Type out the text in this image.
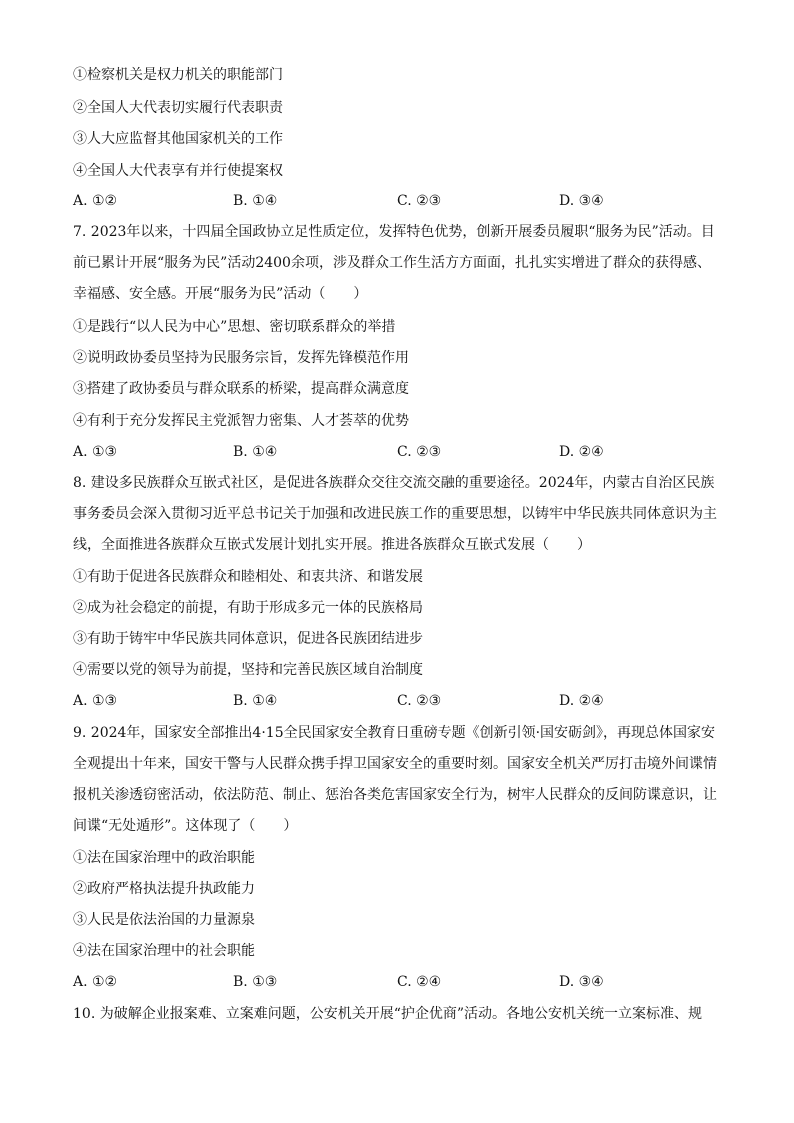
①检察机关是权力机关的职能部门
②全国人大代表切实履行代表职责
③人大应监督其他国家机关的工作
④全国人大代表享有并行使提案权
A. ①②	B. ①④	C. ②③	D. ③④
7. 2023年以来，十四届全国政协立足性质定位，发挥特色优势，创新开展委员履职“服务为民”活动。目前已累计开展“服务为民”活动2400余项，涉及群众工作生活方方面面，扎扎实实增进了群众的获得感、幸福感、安全感。开展“服务为民”活动（　　）
①是践行“以人民为中心”思想、密切联系群众的举措
②说明政协委员坚持为民服务宗旨，发挥先锋模范作用
③搭建了政协委员与群众联系的桥梁，提高群众满意度
④有利于充分发挥民主党派智力密集、人才荟萃的优势
A. ①③	B. ①④	C. ②③	D. ②④
8. 建设多民族群众互嵌式社区，是促进各族群众交往交流交融的重要途径。2024年，内蒙古自治区民族事务委员会深入贯彻习近平总书记关于加强和改进民族工作的重要思想，以铸牢中华民族共同体意识为主线，全面推进各族群众互嵌式发展计划扎实开展。推进各族群众互嵌式发展（　　）
①有助于促进各民族群众和睦相处、和衷共济、和谐发展
②成为社会稳定的前提，有助于形成多元一体的民族格局
③有助于铸牢中华民族共同体意识，促进各民族团结进步
④需要以党的领导为前提，坚持和完善民族区域自治制度
A. ①③	B. ①④	C. ②③	D. ②④
9. 2024年，国家安全部推出4·15全民国家安全教育日重磅专题《创新引领·国安砺剑》，再现总体国家安全观提出十年来，国安干警与人民群众携手捍卫国家安全的重要时刻。国家安全机关严厉打击境外间谍情报机关渗透窃密活动，依法防范、制止、惩治各类危害国家安全行为，树牢人民群众的反间防谍意识，让间谍“无处遁形”。这体现了（　　）
①法在国家治理中的政治职能
②政府严格执法提升执政能力
③人民是依法治国的力量源泉
④法在国家治理中的社会职能
A. ①②	B. ①③	C. ②④	D. ③④
10. 为破解企业报案难、立案难问题，公安机关开展“护企优商”活动。各地公安机关统一立案标准、规
